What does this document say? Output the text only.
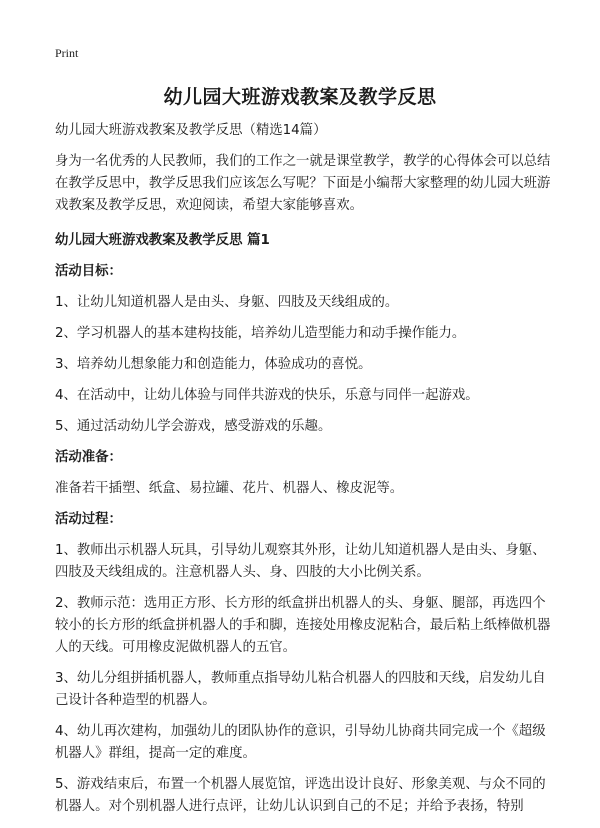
Print
幼儿园大班游戏教案及教学反思

幼儿园大班游戏教案及教学反思（精选14篇）

身为一名优秀的人民教师，我们的工作之一就是课堂教学，教学的心得体会可以总结在教学反思中，教学反思我们应该怎么写呢？下面是小编帮大家整理的幼儿园大班游戏教案及教学反思，欢迎阅读，希望大家能够喜欢。

幼儿园大班游戏教案及教学反思 篇1

活动目标：

1、让幼儿知道机器人是由头、身躯、四肢及天线组成的。

2、学习机器人的基本建构技能，培养幼儿造型能力和动手操作能力。

3、培养幼儿想象能力和创造能力，体验成功的喜悦。

4、在活动中，让幼儿体验与同伴共游戏的快乐，乐意与同伴一起游戏。

5、通过活动幼儿学会游戏，感受游戏的乐趣。

活动准备：

准备若干插塑、纸盒、易拉罐、花片、机器人、橡皮泥等。

活动过程：

1、教师出示机器人玩具，引导幼儿观察其外形，让幼儿知道机器人是由头、身躯、四肢及天线组成的。注意机器人头、身、四肢的大小比例关系。

2、教师示范：选用正方形、长方形的纸盒拼出机器人的头、身躯、腿部，再选四个较小的长方形的纸盒拼机器人的手和脚，连接处用橡皮泥粘合，最后粘上纸棒做机器人的天线。可用橡皮泥做机器人的五官。

3、幼儿分组拼插机器人，教师重点指导幼儿粘合机器人的四肢和天线，启发幼儿自己设计各种造型的机器人。

4、幼儿再次建构，加强幼儿的团队协作的意识，引导幼儿协商共同完成一个《超级机器人》群组，提高一定的难度。

5、游戏结束后，布置一个机器人展览馆，评选出设计良好、形象美观、与众不同的机器人。对个别机器人进行点评，让幼儿认识到自己的不足；并给予表扬，特别
